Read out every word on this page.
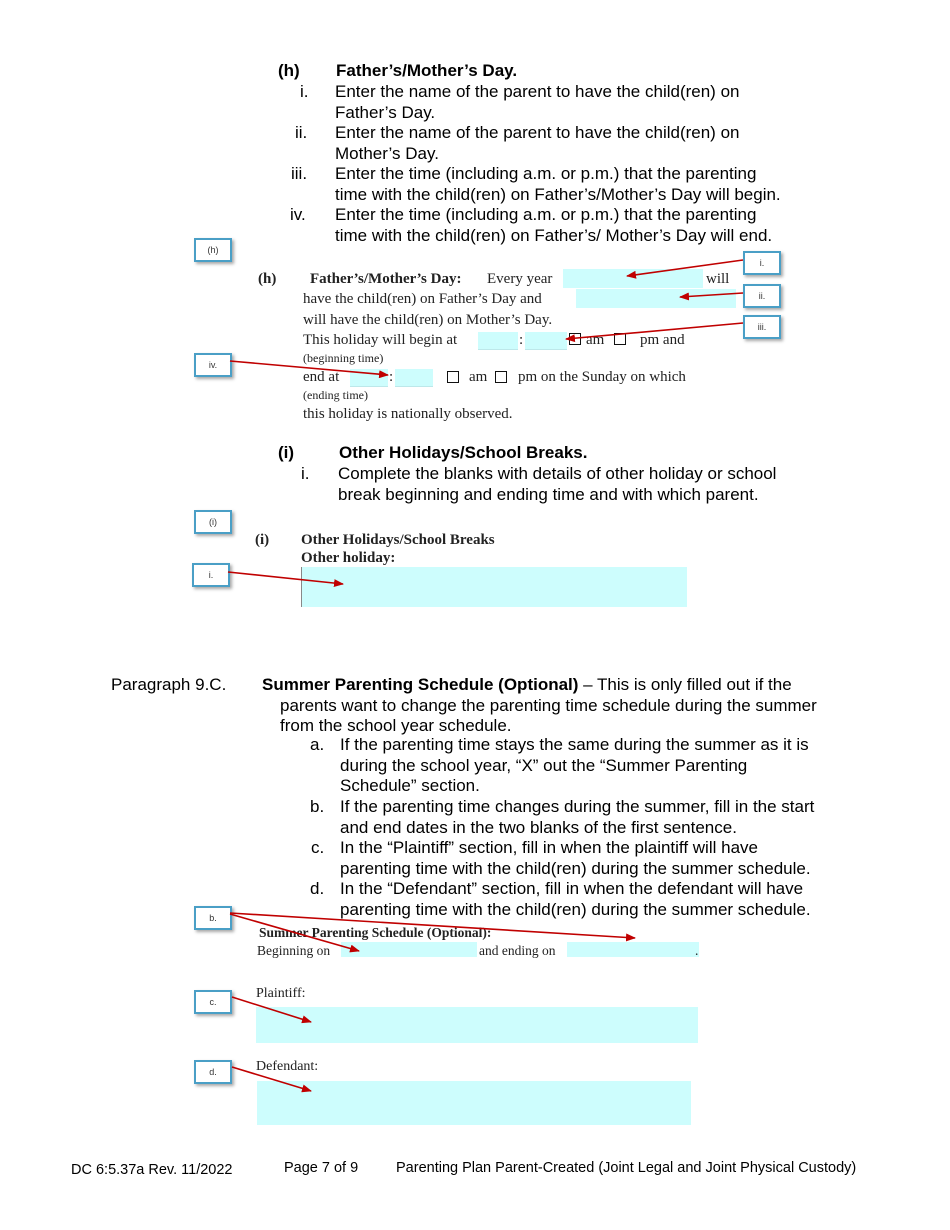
(h) Father’s/Mother’s Day.
i. Enter the name of the parent to have the child(ren) on
Father’s Day.
ii. Enter the name of the parent to have the child(ren) on
Mother’s Day.
iii. Enter the time (including a.m. or p.m.) that the parenting
time with the child(ren) on Father’s/Mother’s Day will begin.
iv. Enter the time (including a.m. or p.m.) that the parenting
time with the child(ren) on Father’s/ Mother’s Day will end.
(h) Father’s/Mother’s Day: Every year	will
have the child(ren) on Father’s Day and
will have the child(ren) on Mother’s Day.
This holiday will begin at	:	am pm and
(beginning time)
end at	:	am pm on the Sunday on which
(ending time)
this holiday is nationally observed.
(i)	Other Holidays/School Breaks.
i. Complete the blanks with details of other holiday or school
break beginning and ending time and with which parent.
(i) Other Holidays/School Breaks
Other holiday:
Paragraph 9.C. Summer Parenting Schedule (Optional) – This is only filled out if the
parents want to change the parenting time schedule during the summer
from the school year schedule.
a. If the parenting time stays the same during the summer as it is
during the school year, “X” out the “Summer Parenting
Schedule” section.
b. If the parenting time changes during the summer, fill in the start
and end dates in the two blanks of the first sentence.
c. In the “Plaintiff” section, fill in when the plaintiff will have
parenting time with the child(ren) during the summer schedule.
d. In the “Defendant” section, fill in when the defendant will have
parenting time with the child(ren) during the summer schedule.
Summer Parenting Schedule (Optional):
Beginning on	and ending on	.
Plaintiff:
Defendant:
(h)
i.
ii.
iii.
iv.
(i)
i.
b.
c.
d.
DC 6:5.37a Rev. 11/2022	Page 7 of 9	Parenting Plan Parent-Created (Joint Legal and Joint Physical Custody)
